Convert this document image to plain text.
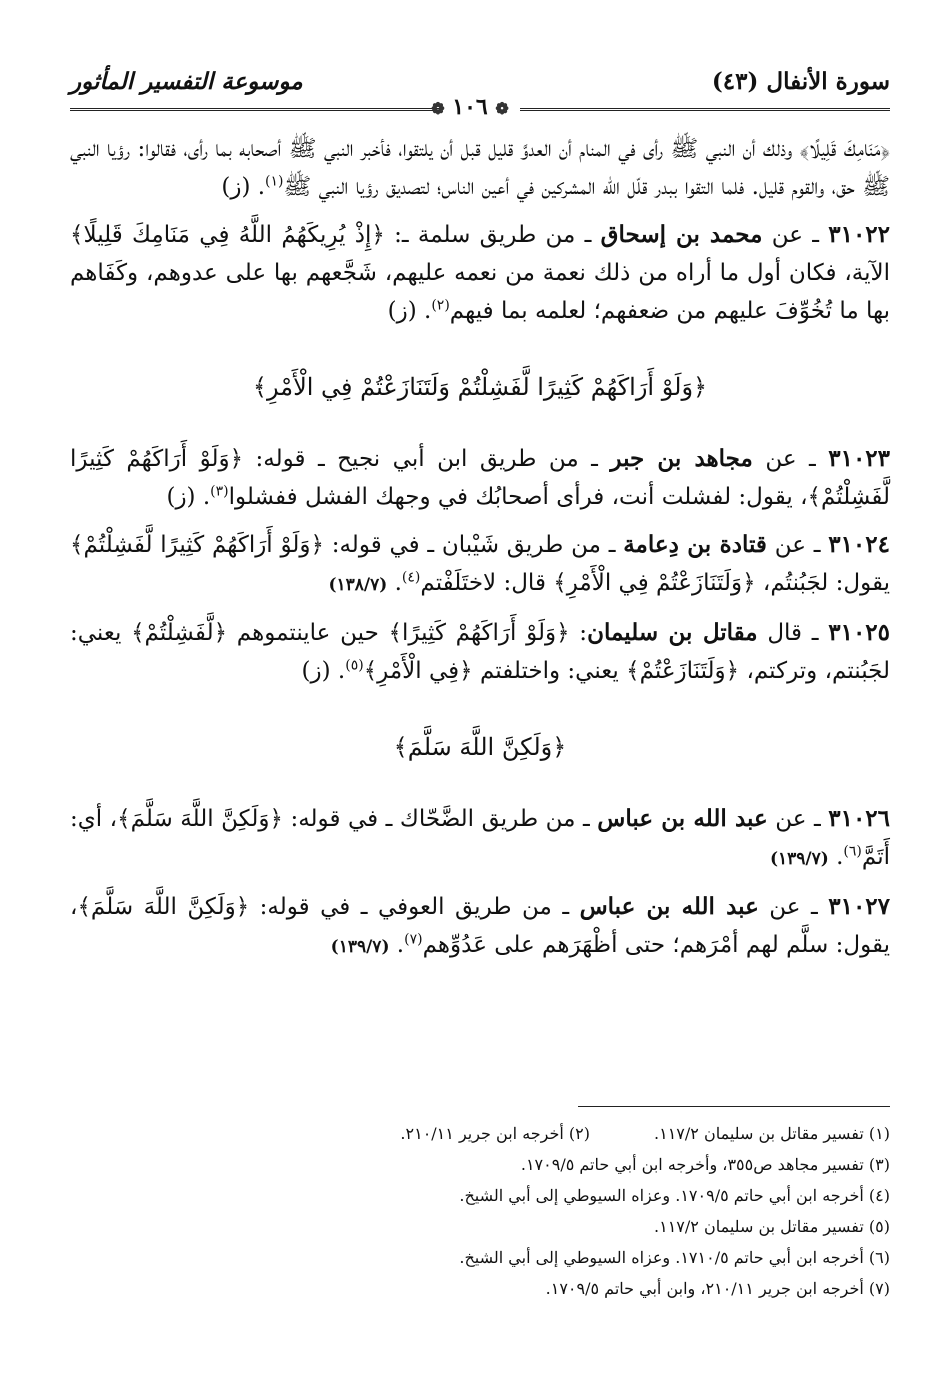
سورة الأنفال (٤٣)
موسوعة التفسير المأثور
❁ ١٠٦ ❁

﴿مَنَامِكَ قَلِيلًا﴾ وذلك أن النبي ﷺ رأى في المنام أن العدوَّ قليل قبل أن يلتقوا، فأخبر النبي ﷺ أصحابه بما رأى، فقالوا: رؤيا النبي ﷺ حق، والقوم قليل. فلما التقوا ببدر قلّل الله المشركين في أعين الناس؛ لتصديق رؤيا النبي ﷺ$^{(١)}$. (ز)

٣١٠٢٢ ـ عن محمد بن إسحاق ـ من طريق سلمة ـ: ﴿إِذْ يُرِيكَهُمُ اللَّهُ فِي مَنَامِكَ قَلِيلًا﴾ الآية، فكان أول ما أراه من ذلك نعمة من نعمه عليهم، شَجَّعهم بها على عدوهم، وكَفَاهم بها ما تُخُوِّفَ عليهم من ضعفهم؛ لعلمه بما فيهم$^{(٢)}$. (ز)

﴿وَلَوْ أَرَاكَهُمْ كَثِيرًا لَّفَشِلْتُمْ وَلَتَنَازَعْتُمْ فِي الْأَمْرِ﴾

٣١٠٢٣ ـ عن مجاهد بن جبر ـ من طريق ابن أبي نجيح ـ قوله: ﴿وَلَوْ أَرَاكَهُمْ كَثِيرًا لَّفَشِلْتُمْ﴾، يقول: لفشلت أنت، فرأى أصحابُك في وجهك الفشل ففشلوا$^{(٣)}$. (ز)

٣١٠٢٤ ـ عن قتادة بن دِعامة ـ من طريق شَيْبان ـ في قوله: ﴿وَلَوْ أَرَاكَهُمْ كَثِيرًا لَّفَشِلْتُمْ﴾ يقول: لجَبُنتُم، ﴿وَلَتَنَازَعْتُمْ فِي الْأَمْرِ﴾ قال: لاختَلَفْتم$^{(٤)}$. (١٣٨/٧)

٣١٠٢٥ ـ قال مقاتل بن سليمان: ﴿وَلَوْ أَرَاكَهُمْ كَثِيرًا﴾ حين عاينتموهم ﴿لَّفَشِلْتُمْ﴾ يعني: لجَبُنتم، وتركتم، ﴿وَلَتَنَازَعْتُمْ﴾ يعني: واختلفتم ﴿فِي الْأَمْرِ﴾$^{(٥)}$. (ز)

﴿وَلَكِنَّ اللَّهَ سَلَّمَ﴾

٣١٠٢٦ ـ عن عبد الله بن عباس ـ من طريق الضَّحّاك ـ في قوله: ﴿وَلَكِنَّ اللَّهَ سَلَّمَ﴾، أي: أَتَمَّ$^{(٦)}$. (١٣٩/٧)

٣١٠٢٧ ـ عن عبد الله بن عباس ـ من طريق العوفي ـ في قوله: ﴿وَلَكِنَّ اللَّهَ سَلَّمَ﴾، يقول: سلَّم لهم أمْرَهم؛ حتى أظْهَرَهم على عَدُوِّهم$^{(٧)}$. (١٣٩/٧)

(١) تفسير مقاتل بن سليمان ١١٧/٢.
(٢) أخرجه ابن جرير ٢١٠/١١.
(٣) تفسير مجاهد ص٣٥٥، وأخرجه ابن أبي حاتم ١٧٠٩/٥.
(٤) أخرجه ابن أبي حاتم ١٧٠٩/٥. وعزاه السيوطي إلى أبي الشيخ.
(٥) تفسير مقاتل بن سليمان ١١٧/٢.
(٦) أخرجه ابن أبي حاتم ١٧١٠/٥. وعزاه السيوطي إلى أبي الشيخ.
(٧) أخرجه ابن جرير ٢١٠/١١، وابن أبي حاتم ١٧٠٩/٥.
